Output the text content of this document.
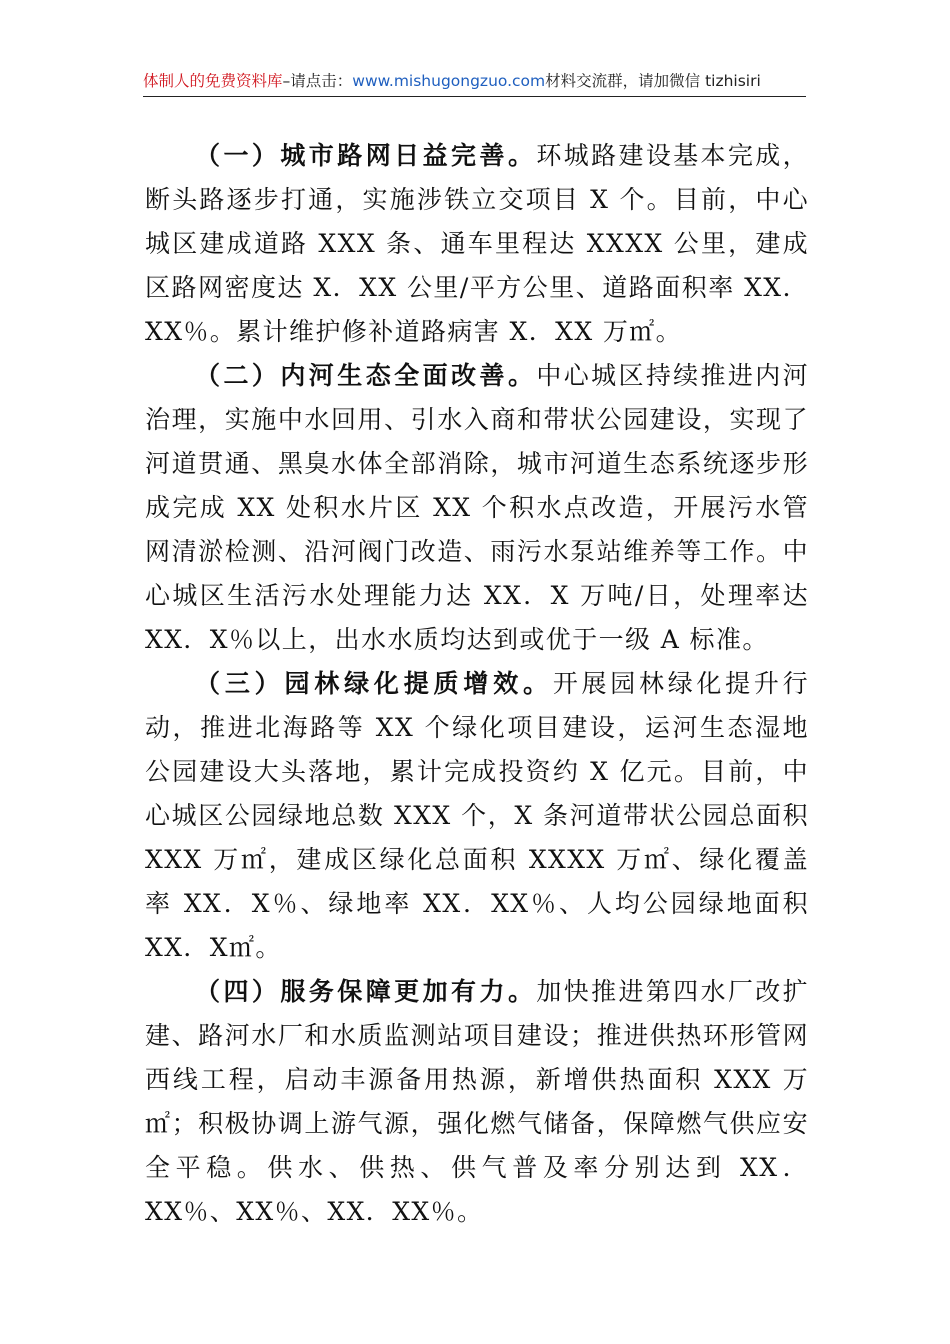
体制人的免费资料库–请点击：www.mishugongzuo.com材料交流群，请加微信 tizhisiri

（一）城市路网日益完善。环城路建设基本完成，断头路逐步打通，实施涉铁立交项目 X 个。目前，中心城区建成道路 XXX 条、通车里程达 XXXX 公里，建成区路网密度达 X．XX 公里/平方公里、道路面积率 XX．XX％。累计维护修补道路病害 X．XX 万㎡。

（二）内河生态全面改善。中心城区持续推进内河治理，实施中水回用、引水入商和带状公园建设，实现了河道贯通、黑臭水体全部消除，城市河道生态系统逐步形成完成 XX 处积水片区 XX 个积水点改造，开展污水管网清淤检测、沿河阀门改造、雨污水泵站维养等工作。中心城区生活污水处理能力达 XX．X 万吨/日，处理率达 XX．X％以上，出水水质均达到或优于一级 A 标准。

（三）园林绿化提质增效。开展园林绿化提升行动，推进北海路等 XX 个绿化项目建设，运河生态湿地公园建设大头落地，累计完成投资约 X 亿元。目前，中心城区公园绿地总数 XXX 个，X 条河道带状公园总面积 XXX 万㎡，建成区绿化总面积 XXXX 万㎡、绿化覆盖率 XX．X％、绿地率 XX．XX％、人均公园绿地面积 XX．X㎡。

（四）服务保障更加有力。加快推进第四水厂改扩建、路河水厂和水质监测站项目建设；推进供热环形管网西线工程，启动丰源备用热源，新增供热面积 XXX 万㎡；积极协调上游气源，强化燃气储备，保障燃气供应安全平稳。供水、供热、供气普及率分别达到 XX．XX％、XX％、XX．XX％。
